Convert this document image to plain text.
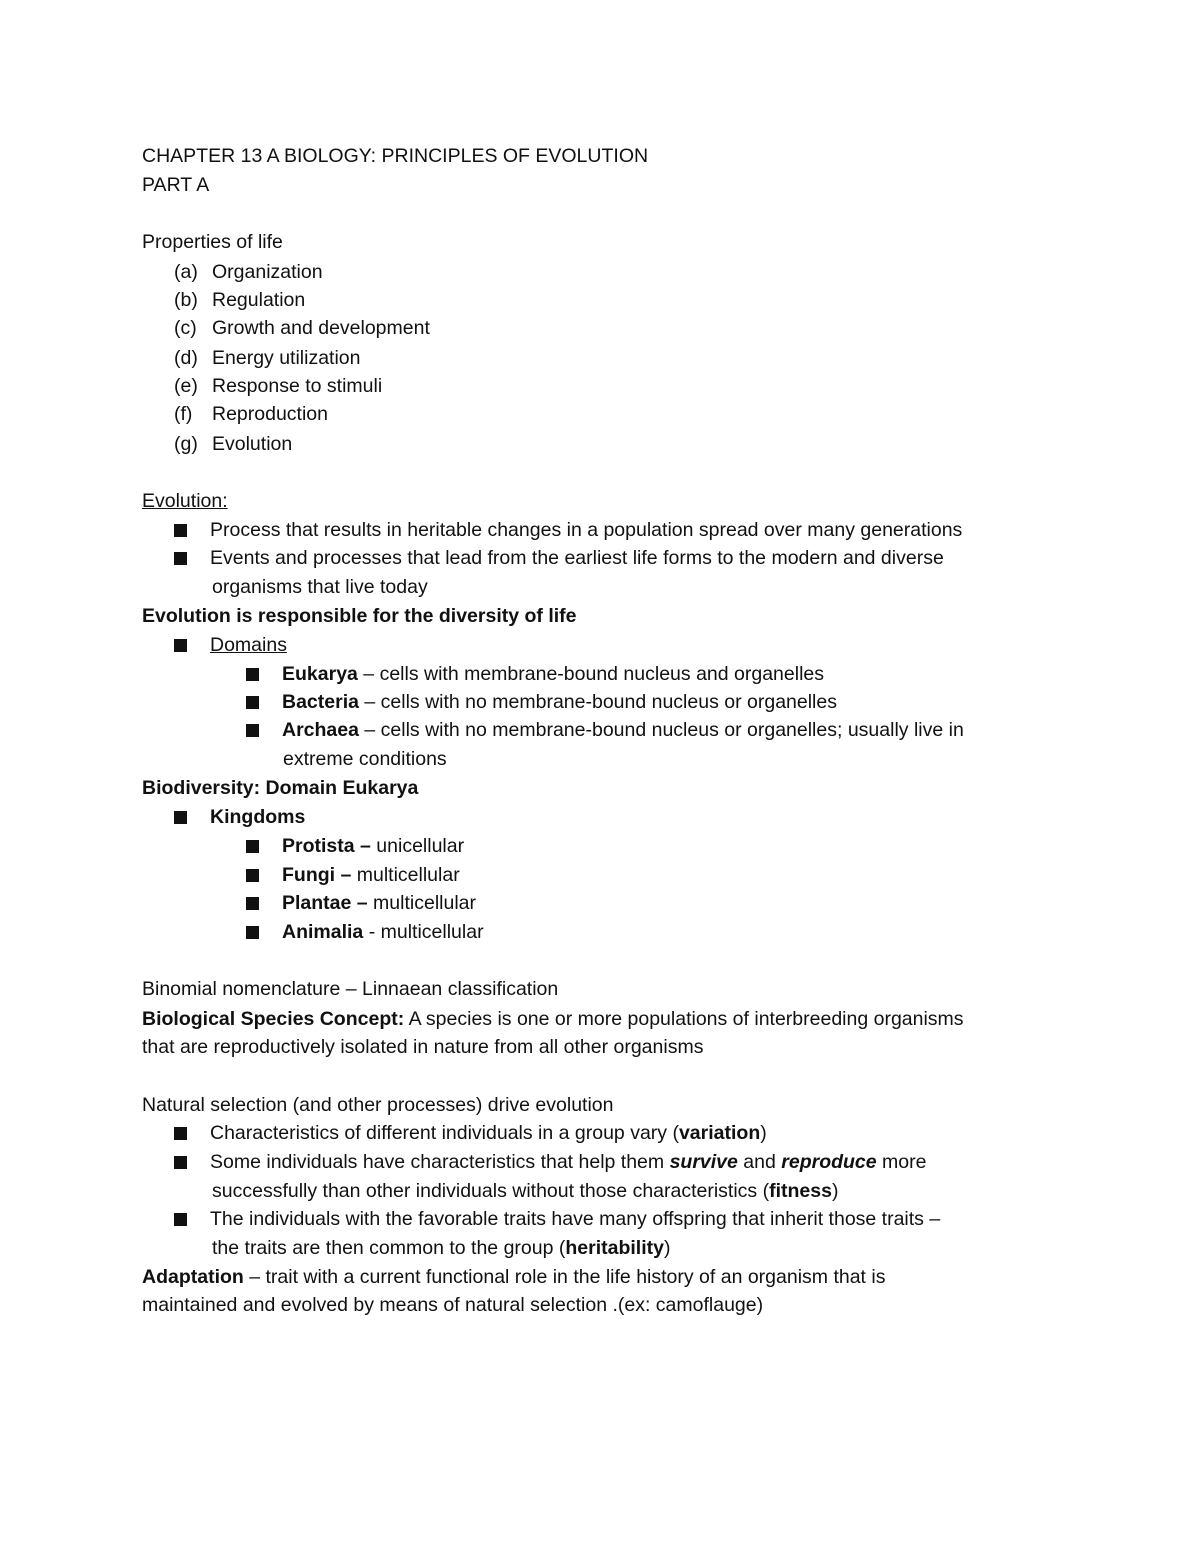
CHAPTER 13 A BIOLOGY: PRINCIPLES OF EVOLUTION
PART A
Properties of life
(a) Organization
(b) Regulation
(c) Growth and development
(d) Energy utilization
(e) Response to stimuli
(f) Reproduction
(g) Evolution
Evolution:
Process that results in heritable changes in a population spread over many generations
Events and processes that lead from the earliest life forms to the modern and diverse
organisms that live today
Evolution is responsible for the diversity of life
Domains
Eukarya – cells with membrane-bound nucleus and organelles
Bacteria – cells with no membrane-bound nucleus or organelles
Archaea – cells with no membrane-bound nucleus or organelles; usually live in
extreme conditions
Biodiversity: Domain Eukarya
Kingdoms
Protista – unicellular
Fungi – multicellular
Plantae – multicellular
Animalia - multicellular
Binomial nomenclature – Linnaean classification
Biological Species Concept: A species is one or more populations of interbreeding organisms
that are reproductively isolated in nature from all other organisms
Natural selection (and other processes) drive evolution
Characteristics of different individuals in a group vary (variation)
Some individuals have characteristics that help them survive and reproduce more
successfully than other individuals without those characteristics (fitness)
The individuals with the favorable traits have many offspring that inherit those traits –
the traits are then common to the group (heritability)
Adaptation – trait with a current functional role in the life history of an organism that is
maintained and evolved by means of natural selection .(ex: camoflauge)
